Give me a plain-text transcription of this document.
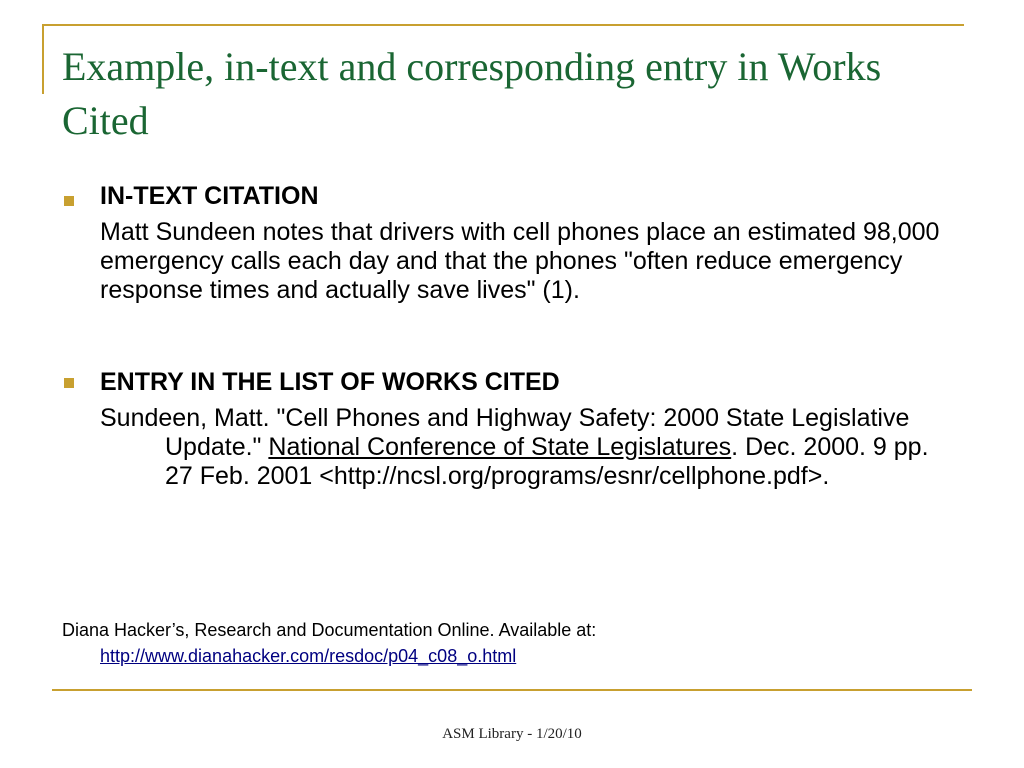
Example, in-text and corresponding entry in Works Cited
IN-TEXT CITATION

Matt Sundeen notes that drivers with cell phones place an estimated 98,000 emergency calls each day and that the phones "often reduce emergency response times and actually save lives" (1).

ENTRY IN THE LIST OF WORKS CITED

Sundeen, Matt. "Cell Phones and Highway Safety: 2000 State Legislative Update." National Conference of State Legislatures. Dec. 2000. 9 pp. 27 Feb. 2001 <http://ncsl.org/programs/esnr/cellphone.pdf>.

Diana Hacker’s, Research and Documentation Online. Available at:
http://www.dianahacker.com/resdoc/p04_c08_o.html

ASM Library - 1/20/10
